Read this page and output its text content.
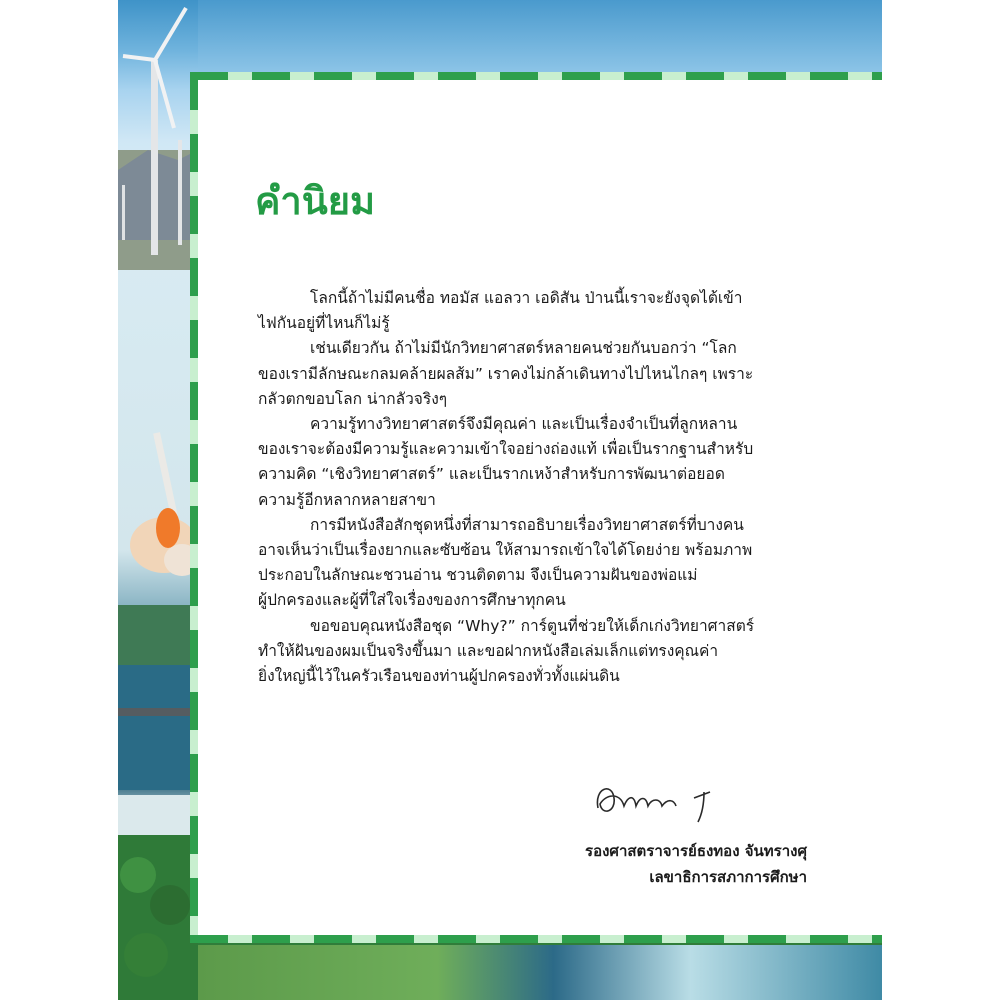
คำนิยม
โลกนี้ถ้าไม่มีคนชื่อ ทอมัส แอลวา เอดิสัน ป่านนี้เราจะยังจุดไต้เข้า
ไฟกันอยู่ที่ไหนก็ไม่รู้
เช่นเดียวกัน ถ้าไม่มีนักวิทยาศาสตร์หลายคนช่วยกันบอกว่า “โลก
ของเรามีลักษณะกลมคล้ายผลส้ม” เราคงไม่กล้าเดินทางไปไหนไกลๆ เพราะ
กลัวตกขอบโลก น่ากลัวจริงๆ
ความรู้ทางวิทยาศาสตร์จึงมีคุณค่า และเป็นเรื่องจำเป็นที่ลูกหลาน
ของเราจะต้องมีความรู้และความเข้าใจอย่างถ่องแท้ เพื่อเป็นรากฐานสำหรับ
ความคิด “เชิงวิทยาศาสตร์” และเป็นรากเหง้าสำหรับการพัฒนาต่อยอด
ความรู้อีกหลากหลายสาขา
การมีหนังสือสักชุดหนึ่งที่สามารถอธิบายเรื่องวิทยาศาสตร์ที่บางคน
อาจเห็นว่าเป็นเรื่องยากและซับซ้อน ให้สามารถเข้าใจได้โดยง่าย พร้อมภาพ
ประกอบในลักษณะชวนอ่าน ชวนติดตาม จึงเป็นความฝันของพ่อแม่
ผู้ปกครองและผู้ที่ใส่ใจเรื่องของการศึกษาทุกคน
ขอขอบคุณหนังสือชุด “Why?” การ์ตูนที่ช่วยให้เด็กเก่งวิทยาศาสตร์
ทำให้ฝันของผมเป็นจริงขึ้นมา และขอฝากหนังสือเล่มเล็กแต่ทรงคุณค่า
ยิ่งใหญ่นี้ไว้ในครัวเรือนของท่านผู้ปกครองทั่วทั้งแผ่นดิน
รองศาสตราจารย์ธงทอง จันทรางศุ
เลขาธิการสภาการศึกษา
